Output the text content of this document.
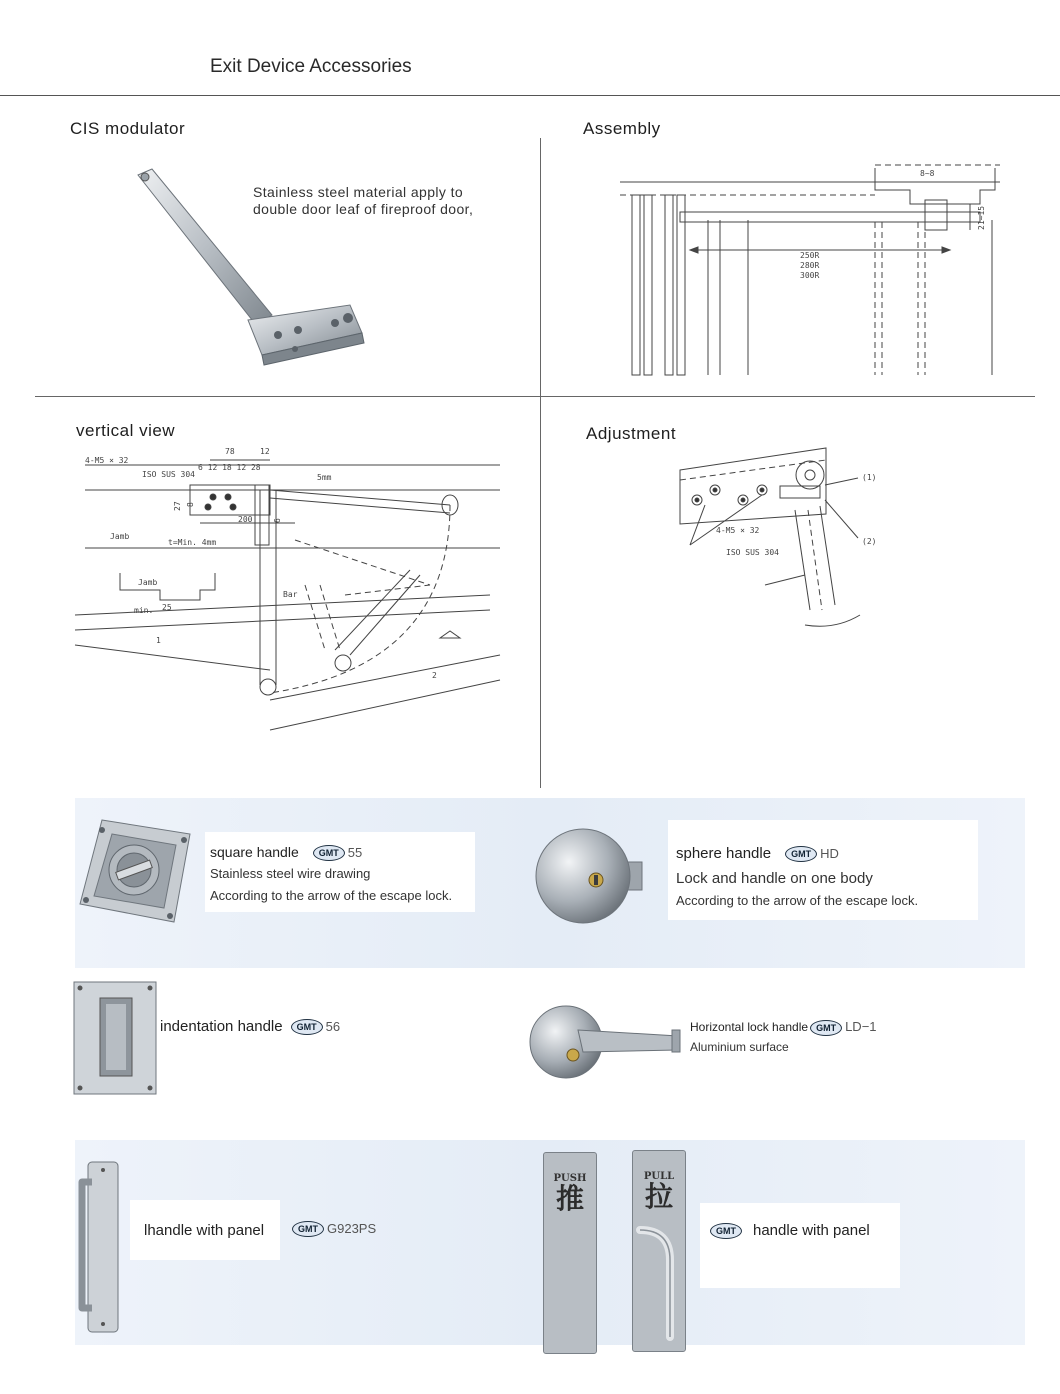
Exit Device Accessories
CIS modulator
Stainless steel material apply to double door leaf of fireproof door,
Assembly
250R
280R
300R
8~8
21~15
vertical view
4-M5 × 32
ISO SUS 304
78	12
6 12 18 12 28
200
5mm
27 8
6
Jamb
t=Min. 4mm
Jamb
min. 25
Bar
1
2
Adjustment
(1)
(2)
4-M5 × 32
ISO SUS 304
square handle GMT 55
Stainless steel wire drawing
According to the arrow of the escape lock.
sphere handle GMT HD
Lock and handle on one body
According to the arrow of the escape lock.
indentation handle GMT 56	Horizontal lock handle GMT LD−1
Aluminium surface
lhandle with panel	GMT G923PS
PUSH
推
PULL
拉
GMT handle with panel
